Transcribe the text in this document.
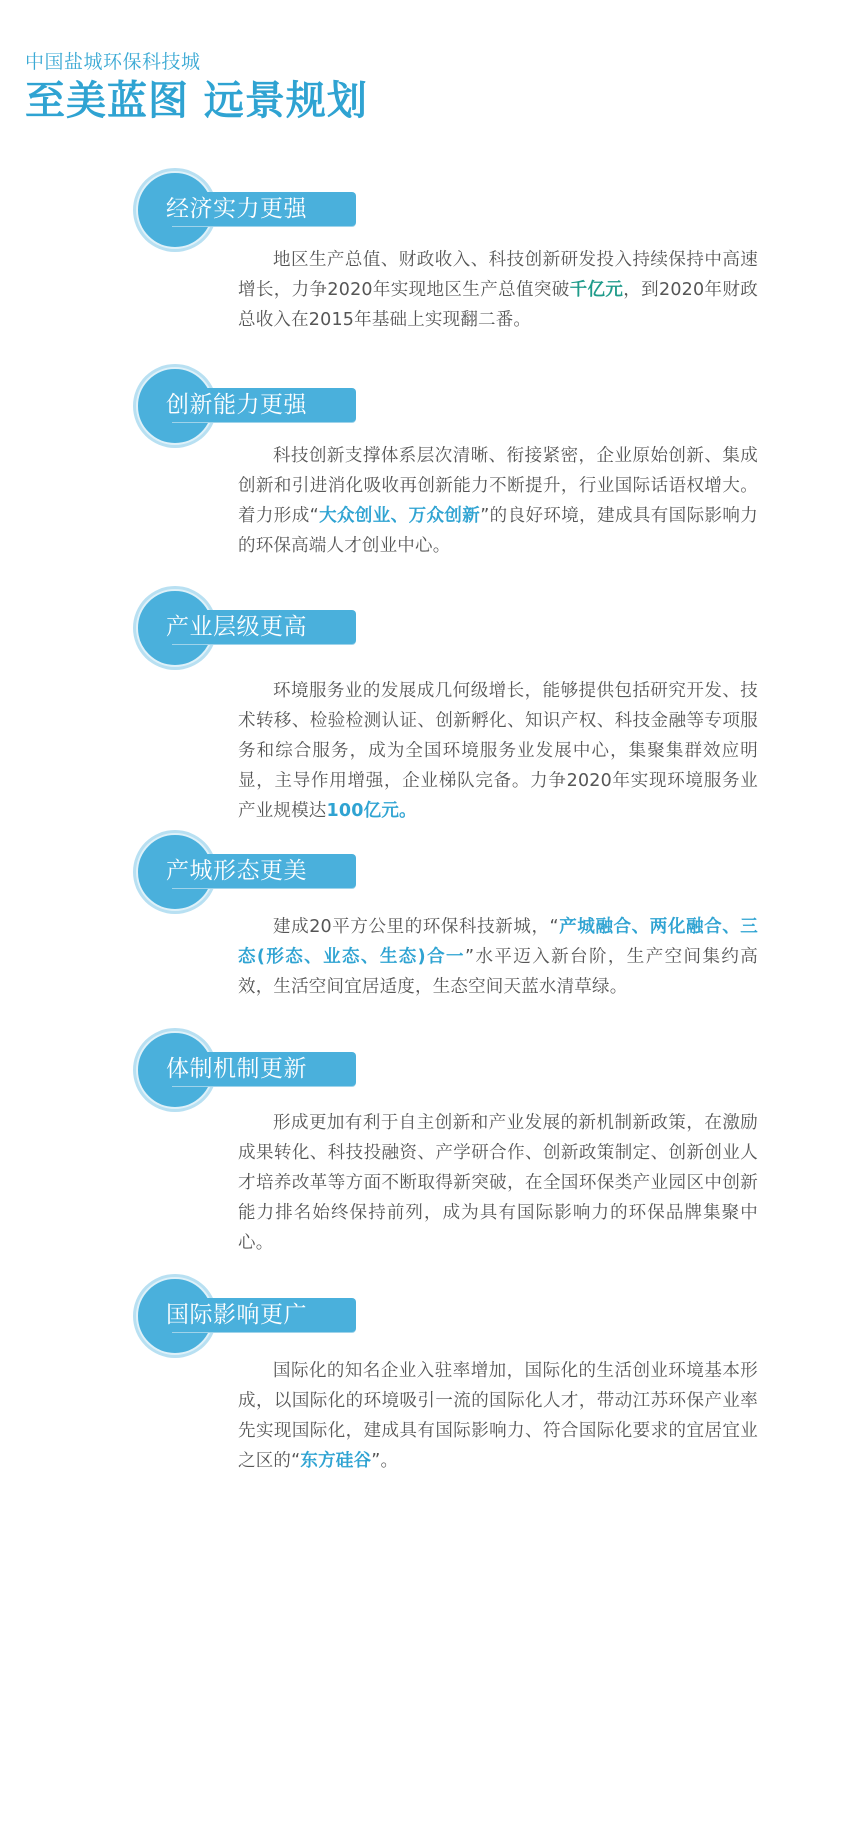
中国盐城环保科技城
至美蓝图 远景规划
经济实力更强
地区生产总值、财政收入、科技创新研发投入持续保持中高速增长，力争2020年实现地区生产总值突破千亿元，到2020年财政总收入在2015年基础上实现翻二番。
创新能力更强
科技创新支撑体系层次清晰、衔接紧密，企业原始创新、集成创新和引进消化吸收再创新能力不断提升，行业国际话语权增大。着力形成“大众创业、万众创新”的良好环境，建成具有国际影响力的环保高端人才创业中心。
产业层级更高
环境服务业的发展成几何级增长，能够提供包括研究开发、技术转移、检验检测认证、创新孵化、知识产权、科技金融等专项服务和综合服务，成为全国环境服务业发展中心，集聚集群效应明显，主导作用增强，企业梯队完备。力争2020年实现环境服务业产业规模达100亿元。
产城形态更美
建成20平方公里的环保科技新城，“产城融合、两化融合、三态(形态、业态、生态)合一”水平迈入新台阶，生产空间集约高效，生活空间宜居适度，生态空间天蓝水清草绿。
体制机制更新
形成更加有利于自主创新和产业发展的新机制新政策，在激励成果转化、科技投融资、产学研合作、创新政策制定、创新创业人才培养改革等方面不断取得新突破，在全国环保类产业园区中创新能力排名始终保持前列，成为具有国际影响力的环保品牌集聚中心。
国际影响更广
国际化的知名企业入驻率增加，国际化的生活创业环境基本形成，以国际化的环境吸引一流的国际化人才，带动江苏环保产业率先实现国际化，建成具有国际影响力、符合国际化要求的宜居宜业之区的“东方硅谷”。
